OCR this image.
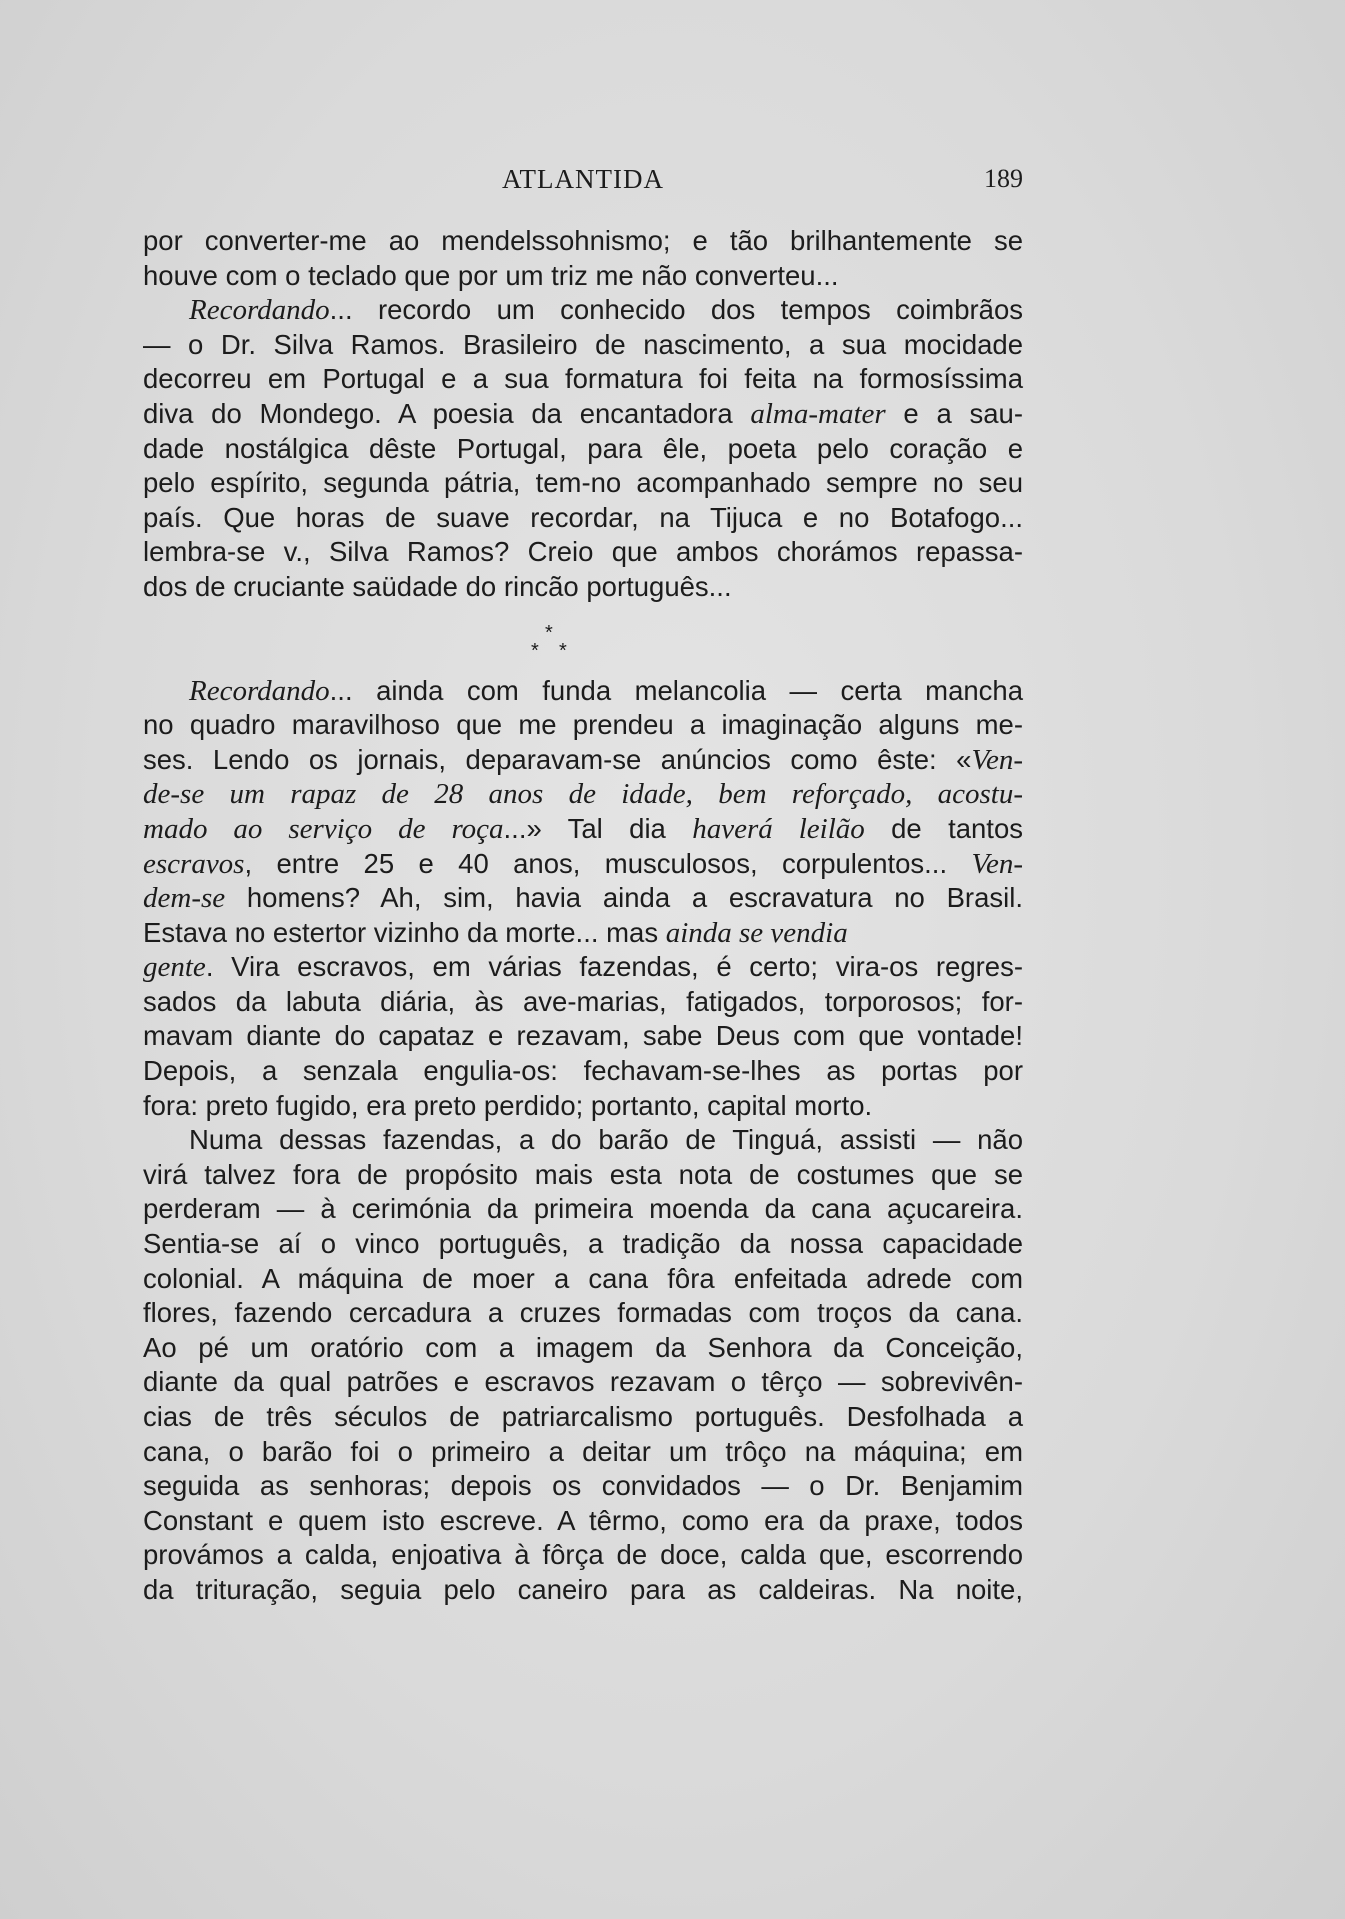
ATLANTIDA	189
por converter-me ao mendelssohnismo; e tão brilhantemente se
houve com o teclado que por um triz me não converteu...
Recordando... recordo um conhecido dos tempos coimbrãos
— o Dr. Silva Ramos. Brasileiro de nascimento, a sua mocidade
decorreu em Portugal e a sua formatura foi feita na formosíssima
diva do Mondego. A poesia da encantadora alma-mater e a sau-
dade nostálgica dêste Portugal, para êle, poeta pelo coração e
pelo espírito, segunda pátria, tem-no acompanhado sempre no seu
país. Que horas de suave recordar, na Tijuca e no Botafogo...
lembra-se v., Silva Ramos? Creio que ambos chorámos repassa-
dos de cruciante saüdade do rincão português...
*
* *
Recordando... ainda com funda melancolia — certa mancha
no quadro maravilhoso que me prendeu a imaginação alguns me-
ses. Lendo os jornais, deparavam-se anúncios como êste: «Ven-
de-se um rapaz de 28 anos de idade, bem reforçado, acostu-
mado ao serviço de roça...» Tal dia haverá leilão de tantos
escravos, entre 25 e 40 anos, musculosos, corpulentos... Ven-
dem-se homens? Ah, sim, havia ainda a escravatura no Brasil.
Estava no estertor vizinho da morte... mas ainda se vendia
gente. Vira escravos, em várias fazendas, é certo; vira-os regres-
sados da labuta diária, às ave-marias, fatigados, torporosos; for-
mavam diante do capataz e rezavam, sabe Deus com que vontade!
Depois, a senzala engulia-os: fechavam-se-lhes as portas por
fora: preto fugido, era preto perdido; portanto, capital morto.
Numa dessas fazendas, a do barão de Tinguá, assisti — não
virá talvez fora de propósito mais esta nota de costumes que se
perderam — à cerimónia da primeira moenda da cana açucareira.
Sentia-se aí o vinco português, a tradição da nossa capacidade
colonial. A máquina de moer a cana fôra enfeitada adrede com
flores, fazendo cercadura a cruzes formadas com troços da cana.
Ao pé um oratório com a imagem da Senhora da Conceição,
diante da qual patrões e escravos rezavam o têrço — sobrevivên-
cias de três séculos de patriarcalismo português. Desfolhada a
cana, o barão foi o primeiro a deitar um trôço na máquina; em
seguida as senhoras; depois os convidados — o Dr. Benjamim
Constant e quem isto escreve. A têrmo, como era da praxe, todos
provámos a calda, enjoativa à fôrça de doce, calda que, escorrendo
da trituração, seguia pelo caneiro para as caldeiras. Na noite,
